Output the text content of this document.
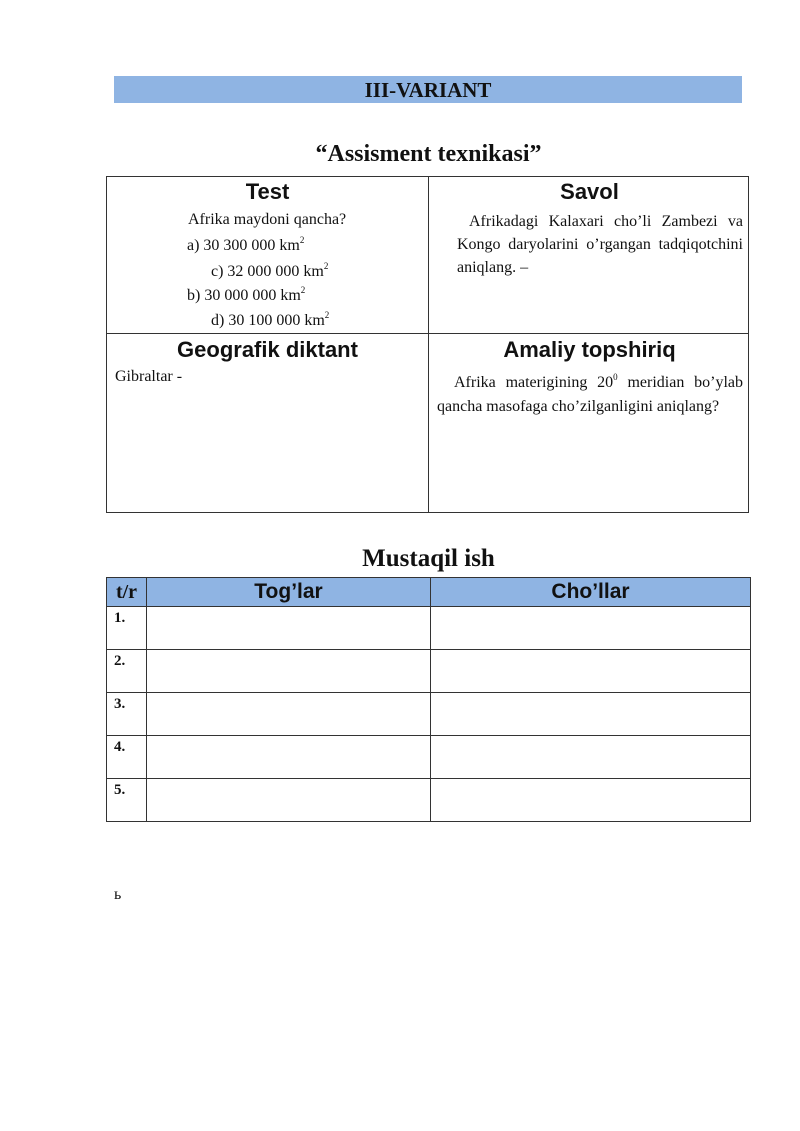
III-VARIANT
“Assisment texnikasi”
Test
Afrika maydoni qancha?
a) 30 300 000 $km^2$
c) 32 000 000 $km^2$
b) 30 000 000 $km^2$
d) 30 100 000 $km^2$
Savol
Afrikadagi Kalaxari cho’li Zambezi va Kongo daryolarini o’rgangan tadqiqotchini aniqlang. –
Geografik diktant
Gibraltar -
Amaliy topshiriq
Afrika materigining $20^0$ meridian bo’ylab qancha masofaga cho’zilganligini aniqlang?
Mustaqil ish
t/r	Tog’lar	Cho’llar
1.		
2.		
3.		
4.		
5.		
ь
